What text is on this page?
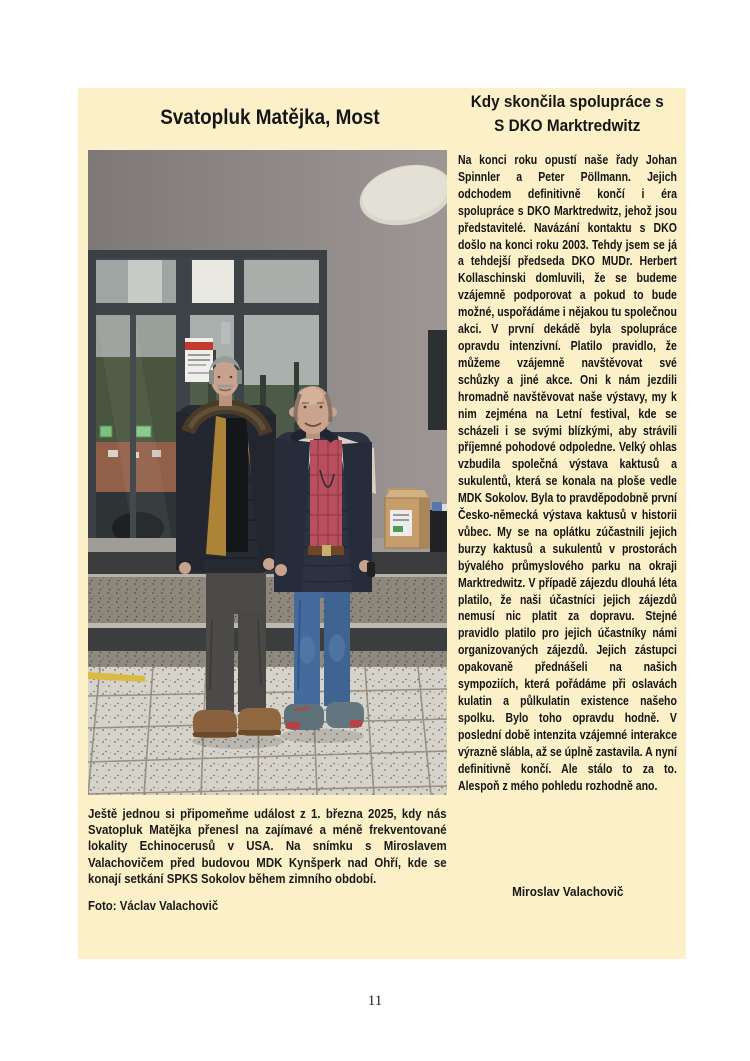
Svatopluk Matějka, Most

Ještě jednou si připomeňme událost z 1. března 2025, kdy nás Svatopluk Matějka přenesl na zajímavé a méně frekventované lokality Echinocerusů v USA. Na snímku s Miroslavem Valachovičem před budovou MDK Kynšperk nad Ohří, kde se konají setkání SPKS Sokolov během zimního období.

Foto: Václav Valachovič

Kdy skončila spolupráce s
S DKO Marktredwitz
Na konci roku opustí naše řady Johan Spinnler a Peter Pöllmann. Jejich odchodem definitivně končí i éra spolupráce s DKO Marktredwitz, jehož jsou představitelé. Navázání kontaktu s DKO došlo na konci roku 2003. Tehdy jsem se já a tehdejší předseda DKO MUDr. Herbert Kollaschinski domluvili, že se budeme vzájemně podporovat a pokud to bude možné, uspořádáme i nějakou tu společnou akci. V první dekádě byla spolupráce opravdu intenzivní. Platilo pravidlo, že můžeme vzájemně navštěvovat své schůzky a jiné akce. Oni k nám jezdili hromadně navštěvovat naše výstavy, my k nim zejména na Letní festival, kde se scházeli i se svými blízkými, aby strávili příjemné pohodové odpoledne. Velký ohlas vzbudila společná výstava kaktusů a sukulentů, která se konala na ploše vedle MDK Sokolov. Byla to pravděpodobně první Česko-německá výstava kaktusů v historii vůbec. My se na oplátku zúčastnili jejich burzy kaktusů a sukulentů v prostorách bývalého průmyslového parku na okraji Marktredwitz. V případě zájezdu dlouhá léta platilo, že naši účastníci jejich zájezdů nemusí nic platit za dopravu. Stejné pravidlo platilo pro jejich účastníky námi organizovaných zájezdů. Jejich zástupci opakovaně přednášeli na našich sympoziích, která pořádáme při oslavách kulatin a půlkulatin existence našeho spolku. Bylo toho opravdu hodně. V poslední době intenzita vzájemné interakce výrazně slábla, až se úplně zastavila. A nyní definitivně končí. Ale stálo to za to. Alespoň z mého pohledu rozhodně ano.
Miroslav Valachovič
11
